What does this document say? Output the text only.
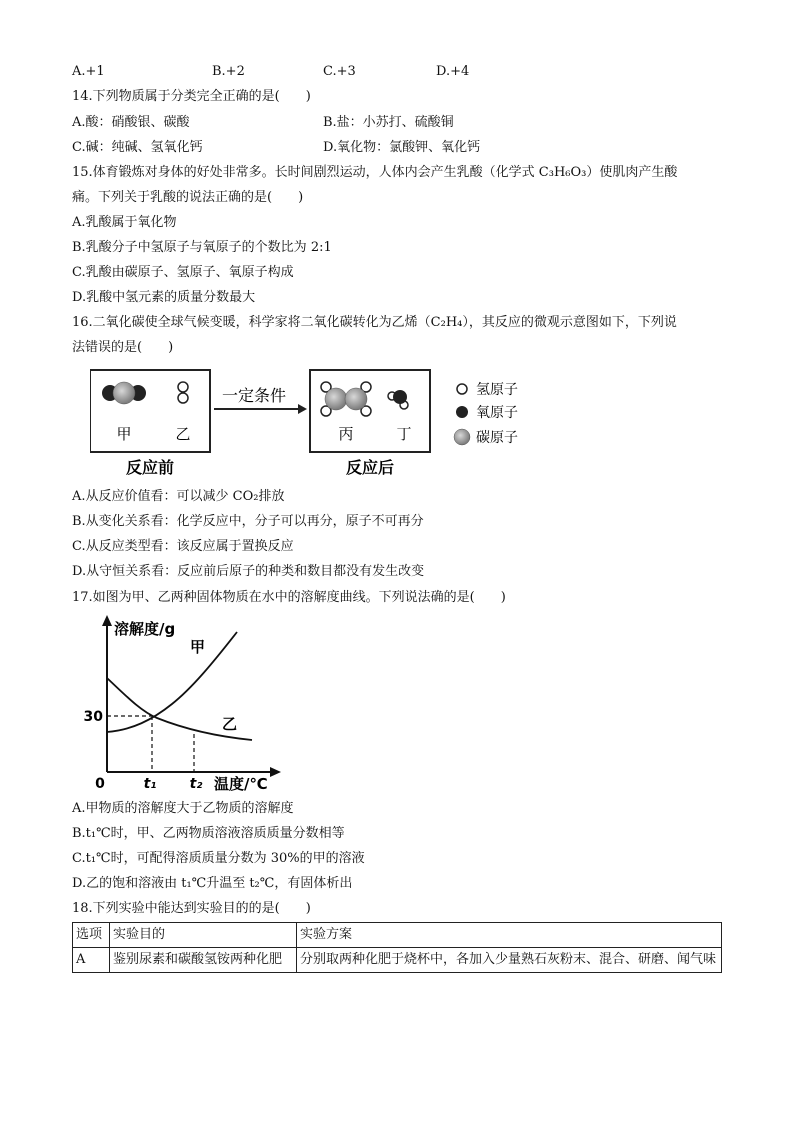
A.+1	B.+2	C.+3	D.+4
14.下列物质属于分类完全正确的是(　　)
A.酸：硝酸银、碳酸	B.盐：小苏打、硫酸铜
C.碱：纯碱、氢氧化钙	D.氧化物：氯酸钾、氧化钙
15.体育锻炼对身体的好处非常多。长时间剧烈运动，人体内会产生乳酸（化学式 C₃H₆O₃）使肌肉产生酸
痛。下列关于乳酸的说法正确的是(　　)
A.乳酸属于氧化物
B.乳酸分子中氢原子与氧原子的个数比为 2:1
C.乳酸由碳原子、氢原子、氧原子构成
D.乳酸中氢元素的质量分数最大
16.二氧化碳使全球气候变暖，科学家将二氧化碳转化为乙烯（C₂H₄），其反应的微观示意图如下，下列说
法错误的是(　　)
甲	乙
一定条件
丙	丁
氢原子
氧原子
碳原子
反应前	反应后
A.从反应价值看：可以减少 CO₂排放
B.从变化关系看：化学反应中，分子可以再分，原子不可再分
C.从反应类型看：该反应属于置换反应
D.从守恒关系看：反应前后原子的种类和数目都没有发生改变
17.如图为甲、乙两种固体物质在水中的溶解度曲线。下列说法确的是(　　)
溶解度/g
温度/℃
0
30
t₁ t₂
甲
乙
A.甲物质的溶解度大于乙物质的溶解度
B.t₁℃时，甲、乙两物质溶液溶质质量分数相等
C.t₁℃时，可配得溶质质量分数为 30%的甲的溶液
D.乙的饱和溶液由 t₁℃升温至 t₂℃，有固体析出
18.下列实验中能达到实验目的的是(　　)
选项	实验目的	实验方案
A	鉴别尿素和碳酸氢铵两种化肥	分别取两种化肥于烧杯中，各加入少量熟石灰粉末、混合、研磨、闻气味
